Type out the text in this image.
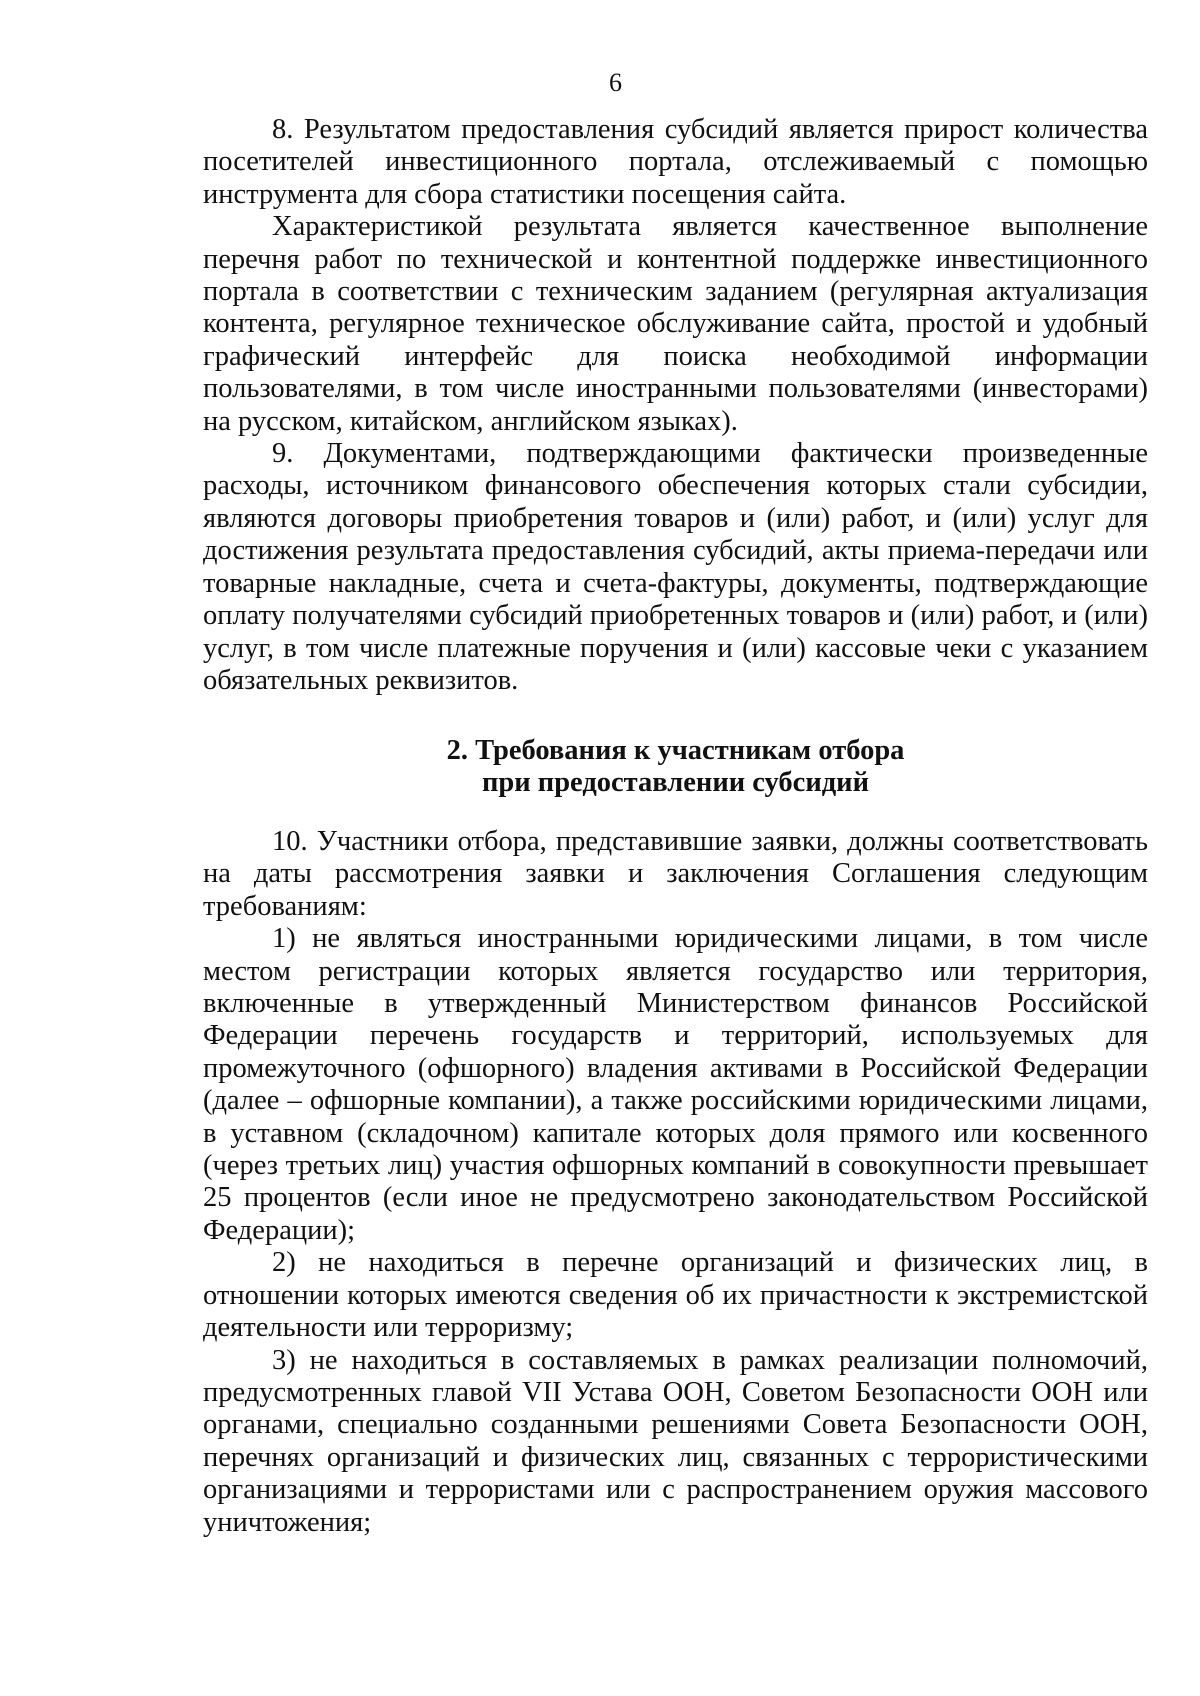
6

8. Результатом предоставления субсидий является прирост количества посетителей инвестиционного портала, отслеживаемый с помощью инструмента для сбора статистики посещения сайта.

Характеристикой результата является качественное выполнение перечня работ по технической и контентной поддержке инвестиционного портала в соответствии с техническим заданием (регулярная актуализация контента, регулярное техническое обслуживание сайта, простой и удобный графический интерфейс для поиска необходимой информации пользователями, в том числе иностранными пользователями (инвесторами) на русском, китайском, английском языках).

9. Документами, подтверждающими фактически произведенные расходы, источником финансового обеспечения которых стали субсидии, являются договоры приобретения товаров и (или) работ, и (или) услуг для достижения результата предоставления субсидий, акты приема-передачи или товарные накладные, счета и счета-фактуры, документы, подтверждающие оплату получателями субсидий приобретенных товаров и (или) работ, и (или) услуг, в том числе платежные поручения и (или) кассовые чеки с указанием обязательных реквизитов.

2. Требования к участникам отбора
при предоставлении субсидий

10. Участники отбора, представившие заявки, должны соответствовать на даты рассмотрения заявки и заключения Соглашения следующим требованиям:

1) не являться иностранными юридическими лицами, в том числе местом регистрации которых является государство или территория, включенные в утвержденный Министерством финансов Российской Федерации перечень государств и территорий, используемых для промежуточного (офшорного) владения активами в Российской Федерации (далее – офшорные компании), а также российскими юридическими лицами, в уставном (складочном) капитале которых доля прямого или косвенного (через третьих лиц) участия офшорных компаний в совокупности превышает 25 процентов (если иное не предусмотрено законодательством Российской Федерации);

2) не находиться в перечне организаций и физических лиц, в отношении которых имеются сведения об их причастности к экстремистской деятельности или терроризму;

3) не находиться в составляемых в рамках реализации полномочий, предусмотренных главой VII Устава ООН, Советом Безопасности ООН или органами, специально созданными решениями Совета Безопасности ООН, перечнях организаций и физических лиц, связанных с террористическими организациями и террористами или с распространением оружия массового уничтожения;
